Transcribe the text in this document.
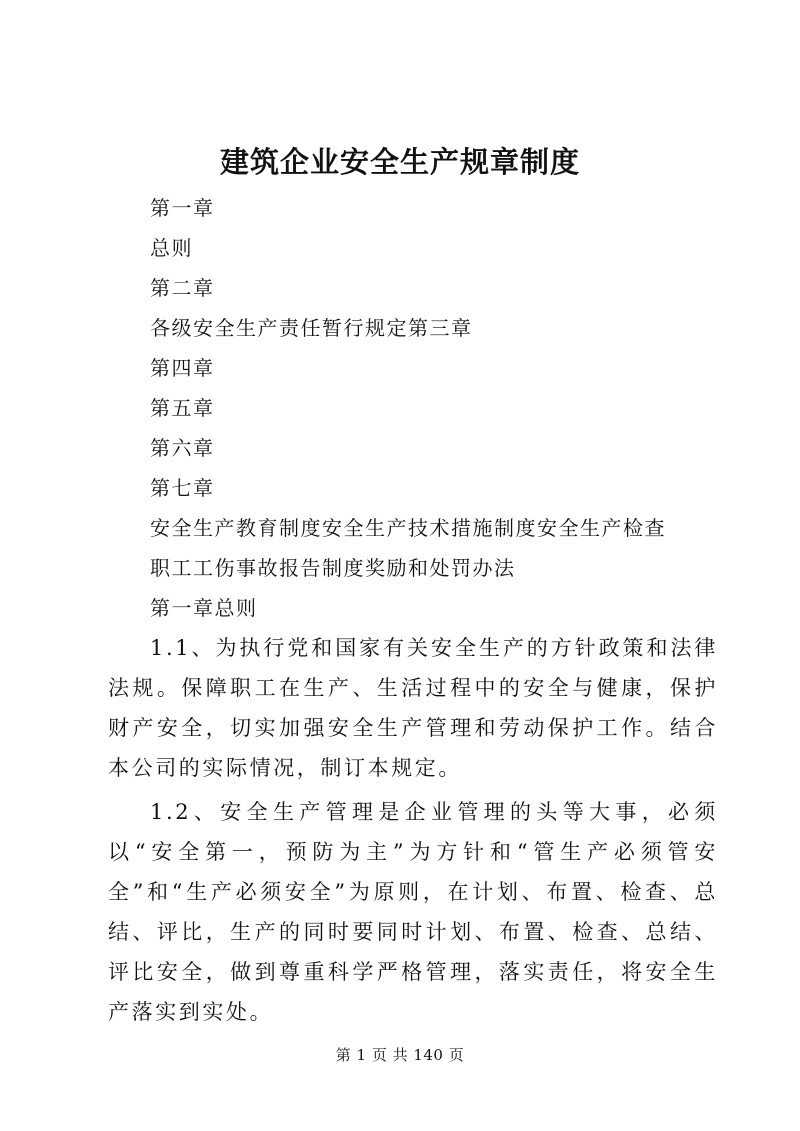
建筑企业安全生产规章制度
第一章
总则
第二章
各级安全生产责任暂行规定第三章
第四章
第五章
第六章
第七章
安全生产教育制度安全生产技术措施制度安全生产检查
职工工伤事故报告制度奖励和处罚办法
第一章总则

1.1、为执行党和国家有关安全生产的方针政策和法律法规。保障职工在生产、生活过程中的安全与健康，保护财产安全，切实加强安全生产管理和劳动保护工作。结合本公司的实际情况，制订本规定。

1.2、安全生产管理是企业管理的头等大事，必须以“安全第一，预防为主”为方针和“管生产必须管安全”和“生产必须安全”为原则，在计划、布置、检查、总结、评比，生产的同时要同时计划、布置、检查、总结、评比安全，做到尊重科学严格管理，落实责任，将安全生产落实到实处。

第 1 页 共 140 页
